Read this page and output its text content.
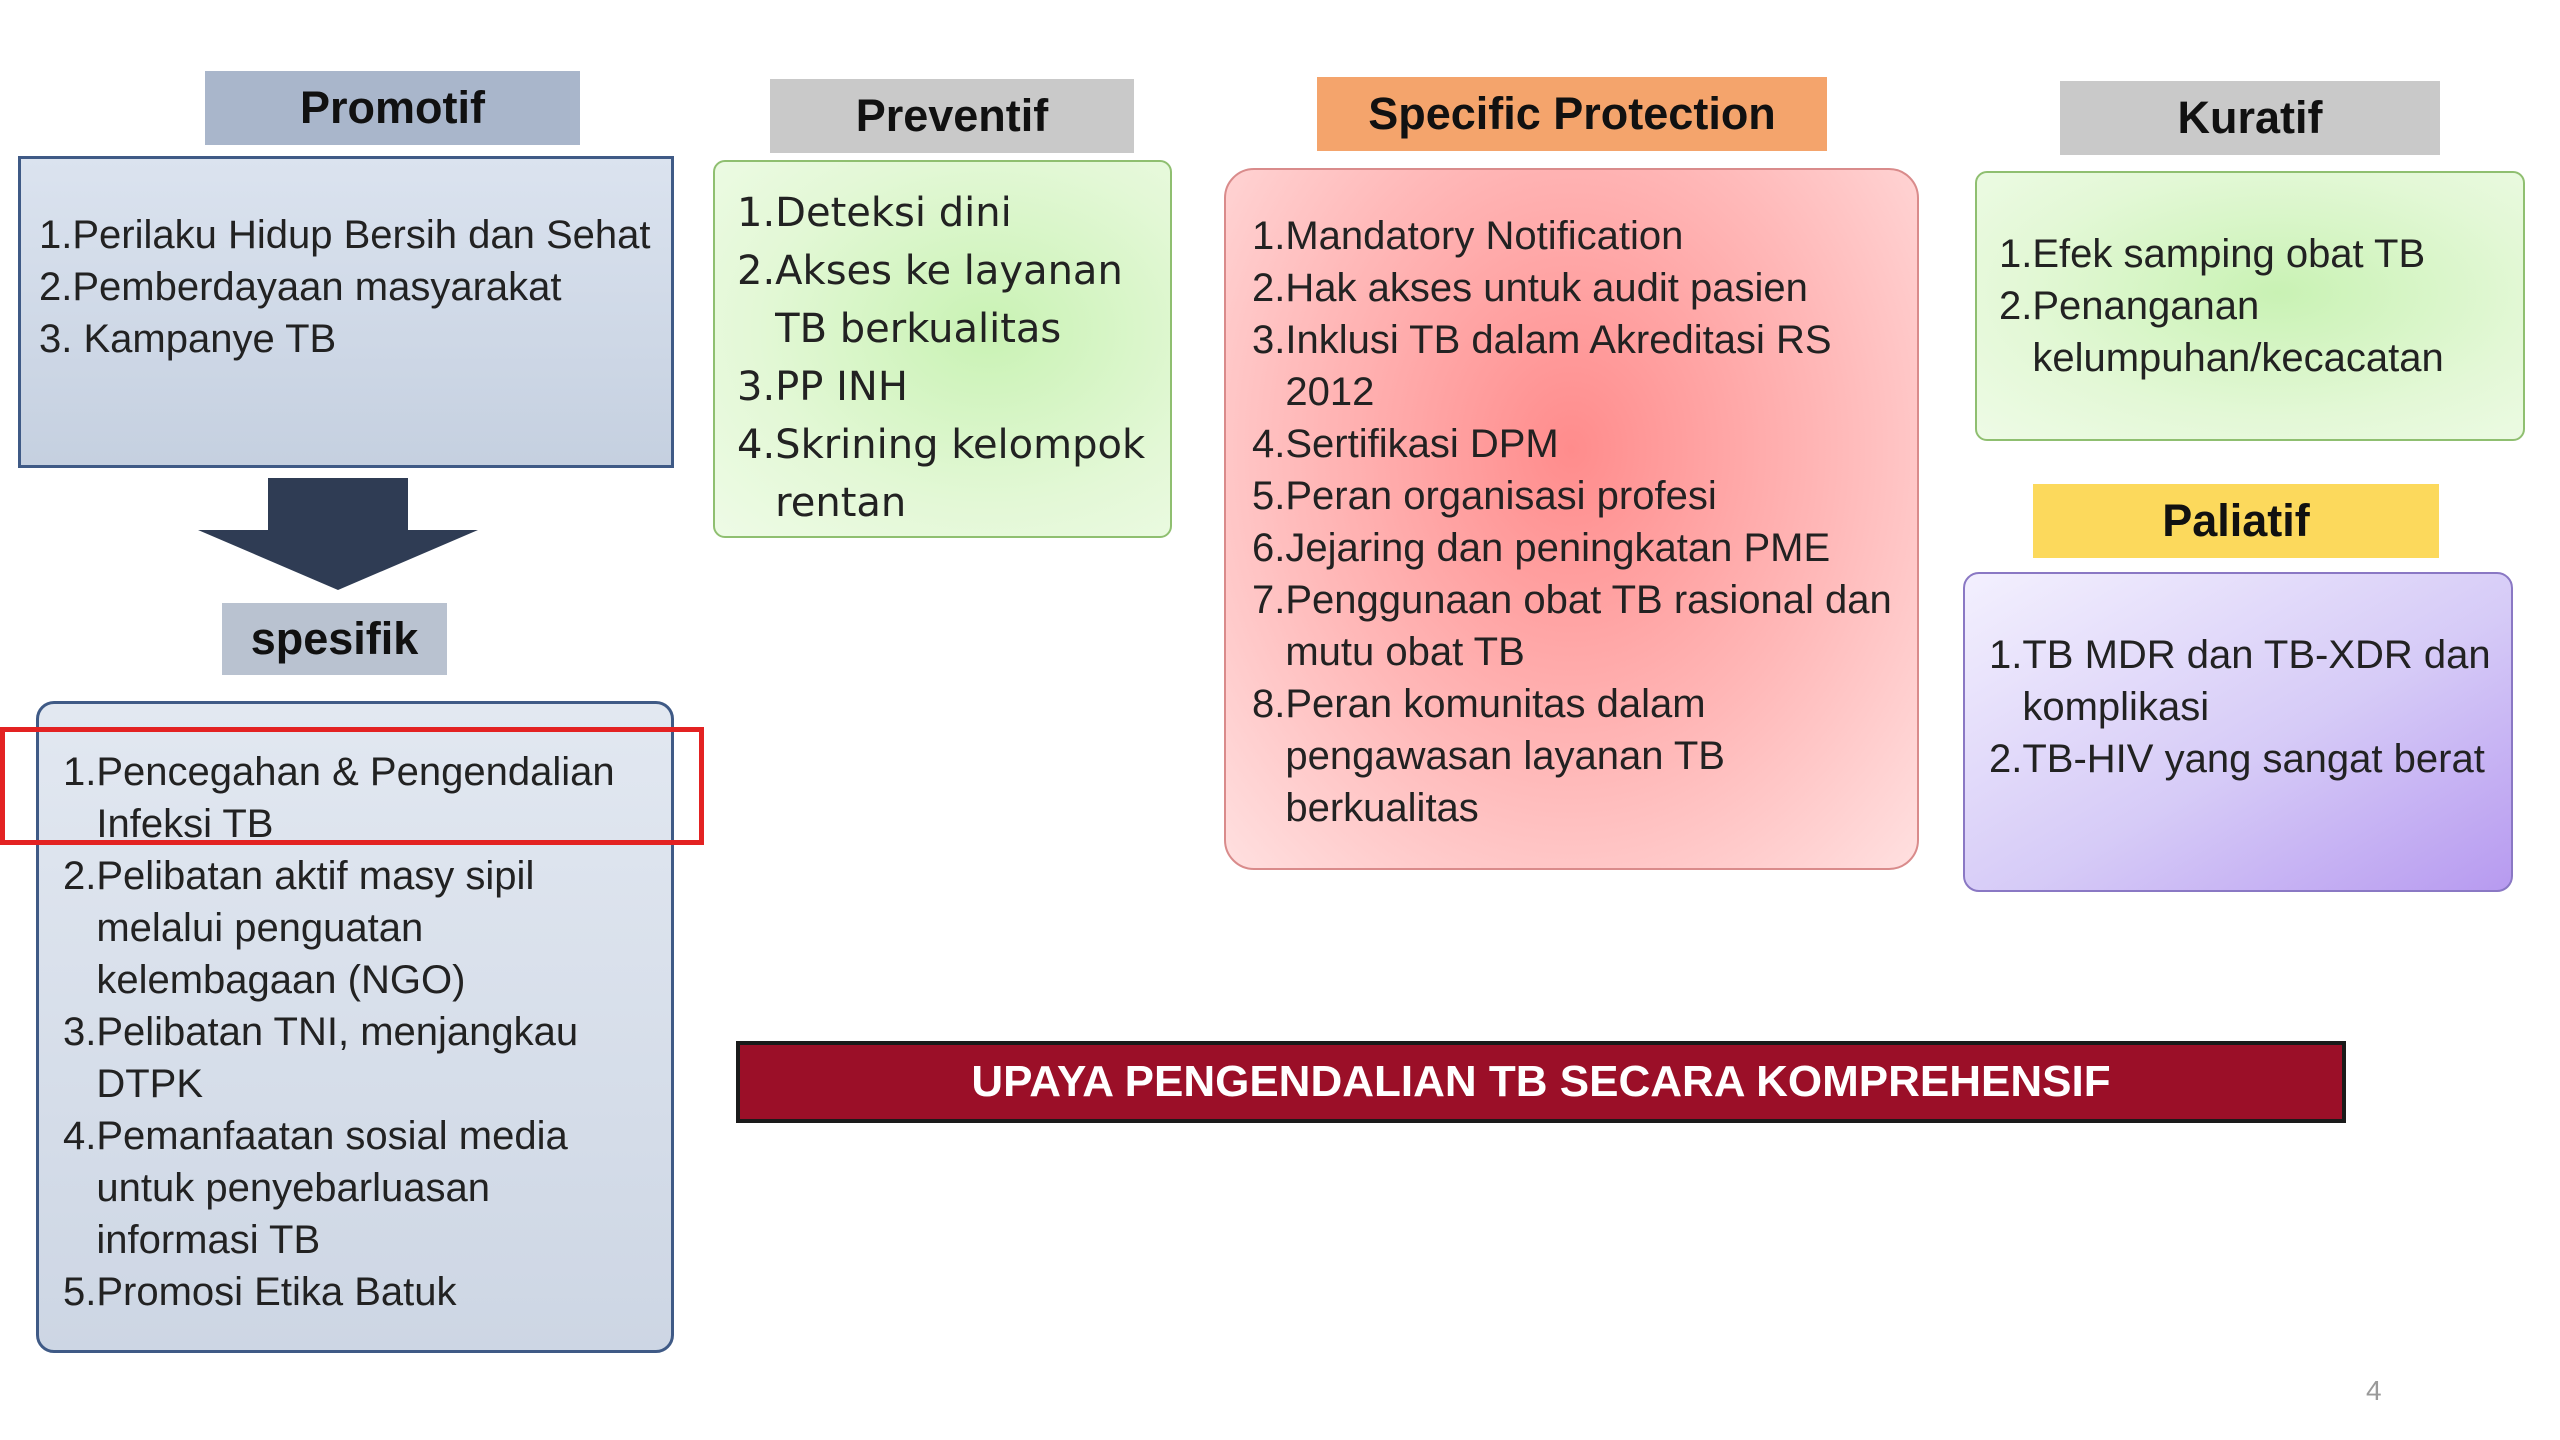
Promotif
1. Perilaku Hidup Bersih dan Sehat
2. Pemberdayaan masyarakat
3. Kampanye TB
spesifik
1. Pencegahan & Pengendalian Infeksi TB
2. Pelibatan aktif masy sipil melalui penguatan kelembagaan (NGO)
3. Pelibatan TNI, menjangkau DTPK
4. Pemanfaatan sosial media untuk penyebarluasan informasi TB
5. Promosi Etika Batuk
Preventif
1. Deteksi dini
2. Akses ke layanan TB berkualitas
3. PP INH
4. Skrining kelompok rentan
Specific Protection
1. Mandatory Notification
2. Hak akses untuk audit pasien
3. Inklusi TB dalam Akreditasi RS 2012
4. Sertifikasi DPM
5. Peran organisasi profesi
6. Jejaring dan peningkatan PME
7. Penggunaan obat TB rasional dan mutu obat TB
8. Peran komunitas dalam pengawasan layanan TB berkualitas
Kuratif
1. Efek samping obat TB
2. Penanganan kelumpuhan/kecacatan
Paliatif
1. TB MDR dan TB-XDR dan komplikasi
2. TB-HIV yang sangat berat
UPAYA PENGENDALIAN TB SECARA KOMPREHENSIF
4
